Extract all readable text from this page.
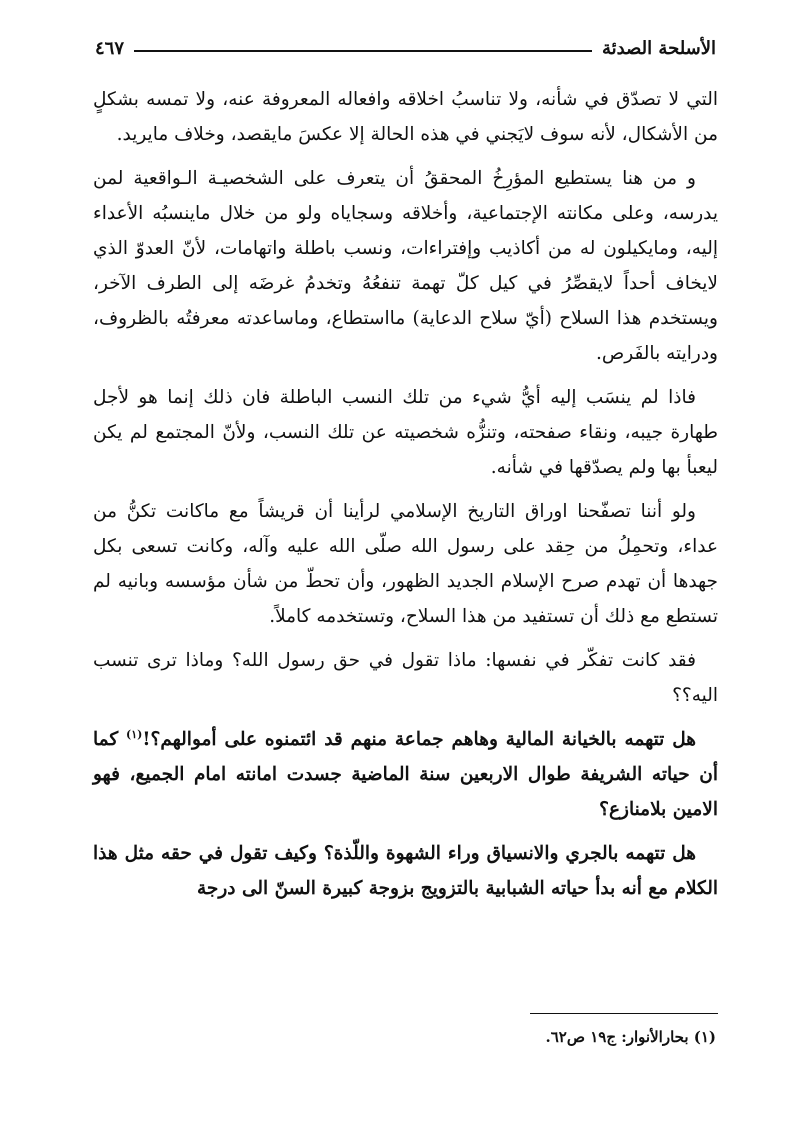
الأسلحة الصدئة
٤٦٧

التي لا تصدّق في شأنه، ولا تناسبُ اخلاقه وافعاله المعروفة عنه، ولا تمسه بشكلٍ من الأشكال، لأنه سوف لايَجني في هذه الحالة إلا عكسَ مايقصد، وخلاف مايريد.

و من هنا يستطيع المؤرِخُ المحققُ أن يتعرف على الشخصيـة الـواقعية لمن يدرسه، وعلى مكانته الإجتماعية، وأخلاقه وسجاياه ولو من خلال ماينسبُه الأعداء إليه، ومايكيلون له من أكاذيب وإفتراءات، ونسب باطلة واتهامات، لأنّ العدوّ الذي لايخاف أحداً لايقصِّرُ في كيل كلّ تهمة تنفعُهُ وتخدمُ غرضَه إلى الطرف الآخر، ويستخدم هذا السلاح (أيّ سلاح الدعاية) مااستطاع، وماساعدته معرفتُه بالظروف، ودرايته بالفَرص.

فاذا لم ينسَب إليه أيُّ شيء من تلك النسب الباطلة فان ذلك إنما هو لأجل طهارة جيبه، ونقاء صفحته، وتنزُّه شخصيته عن تلك النسب، ولأنّ المجتمع لم يكن ليعبأ بها ولم يصدّقها في شأنه.

ولو أننا تصفّحنا اوراق التاريخ الإسلامي لرأينا أن قريشاً مع ماكانت تكنُّ من عداء، وتحمِلُ من حِقد على رسول الله صلّى الله عليه وآله، وكانت تسعى بكل جهدها أن تهدم صرح الإسلام الجديد الظهور، وأن تحطّ من شأن مؤسسه وبانيه لم تستطع مع ذلك أن تستفيد من هذا السلاح، وتستخدمه كاملاً.

فقد كانت تفكّر في نفسها: ماذا تقول في حق رسول الله؟ وماذا ترى تنسب اليه؟؟

هل تتهمه بالخيانة المالية وهاهم جماعة منهم قد ائتمنوه على أموالهم؟!$^{(١)}$ كما أن حياته الشريفة طوال الاربعين سنة الماضية جسدت امانته امام الجميع، فهو الامين بلامنازع؟

هل تتهمه بالجري والانسياق وراء الشهوة واللّذة؟ وكيف تقول في حقه مثل هذا الكلام مع أنه بدأ حياته الشبابية بالتزويج بزوجة كبيرة السنّ الى درجة

(١) بحارالأنوار: ج١٩ ص٦٢.
